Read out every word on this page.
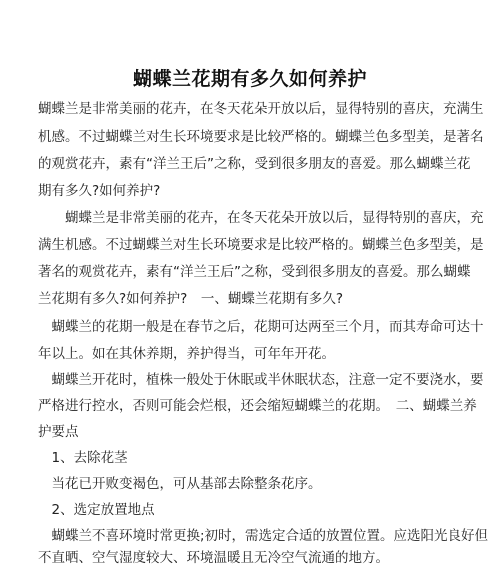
蝴蝶兰花期有多久如何养护
蝴蝶兰是非常美丽的花卉，在冬天花朵开放以后，显得特别的喜庆，充满生
机感。不过蝴蝶兰对生长环境要求是比较严格的。蝴蝶兰色多型美，是著名
的观赏花卉，素有“洋兰王后”之称，受到很多朋友的喜爱。那么蝴蝶兰花
期有多久?如何养护?
　　蝴蝶兰是非常美丽的花卉，在冬天花朵开放以后，显得特别的喜庆，充
满生机感。不过蝴蝶兰对生长环境要求是比较严格的。蝴蝶兰色多型美，是
著名的观赏花卉，素有“洋兰王后”之称，受到很多朋友的喜爱。那么蝴蝶
兰花期有多久?如何养护?　一、蝴蝶兰花期有多久?
　蝴蝶兰的花期一般是在春节之后，花期可达两至三个月，而其寿命可达十
年以上。如在其休养期，养护得当，可年年开花。
　蝴蝶兰开花时，植株一般处于休眠或半休眠状态，注意一定不要浇水，要
严格进行控水，否则可能会烂根，还会缩短蝴蝶兰的花期。　二、蝴蝶兰养
护要点
　1、去除花茎
　当花已开败变褐色，可从基部去除整条花序。
　2、选定放置地点
　蝴蝶兰不喜环境时常更换;初时，需选定合适的放置位置。应选阳光良好但
不直晒、空气湿度较大、环境温暖且无冷空气流通的地方。
